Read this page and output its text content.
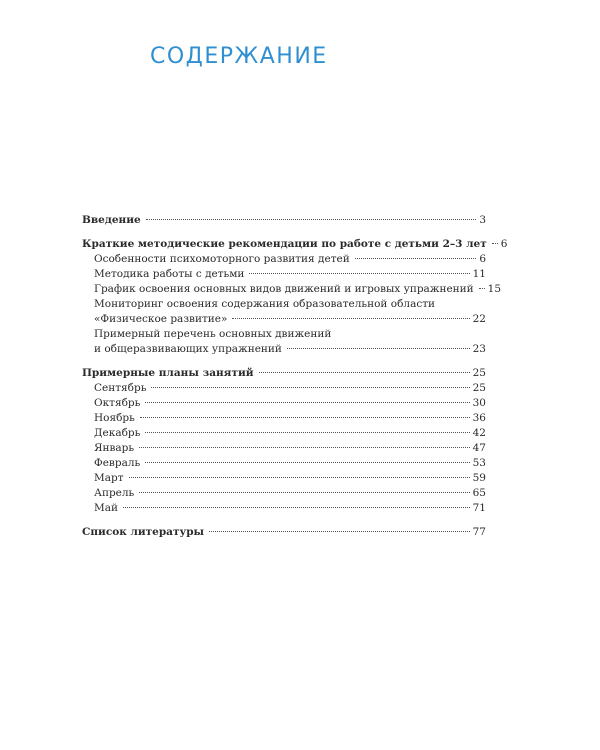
СОДЕРЖАНИЕ
Введение	3
Краткие методические рекомендации по работе с детьми 2–3 лет 6
Особенности психомоторного развития детей	6
Методика работы с детьми	11
График освоения основных видов движений и игровых упражнений 15
Мониторинг освоения содержания образовательной области
«Физическое развитие»	22
Примерный перечень основных движений
и общеразвивающих упражнений	23
Примерные планы занятий	25
Сентябрь	25
Октябрь	30
Ноябрь	36
Декабрь	42
Январь	47
Февраль	53
Март	59
Апрель	65
Май	71
Список литературы	77
